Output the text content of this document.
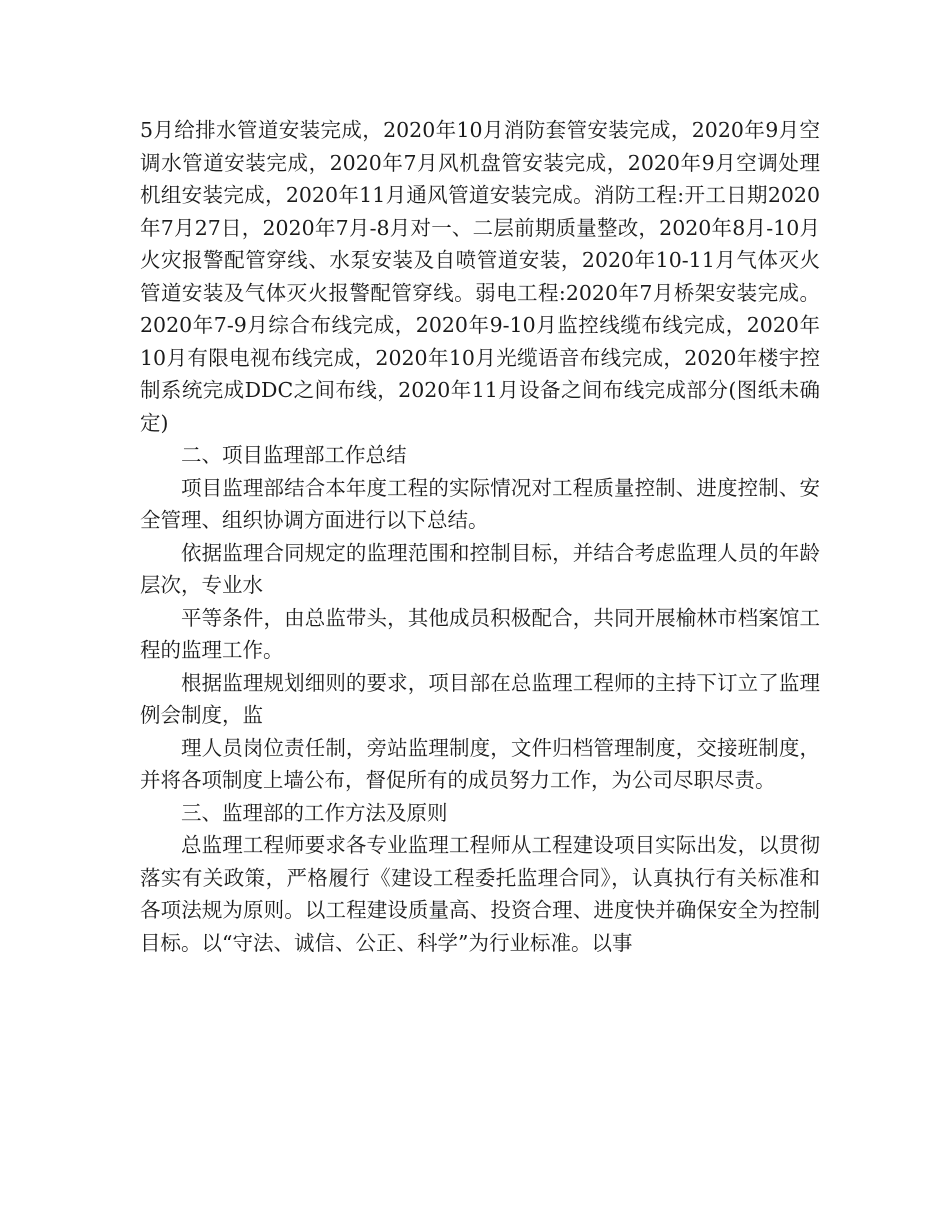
5月给排水管道安装完成，2020年10月消防套管安装完成，2020年9月空调水管道安装完成，2020年7月风机盘管安装完成，2020年9月空调处理机组安装完成，2020年11月通风管道安装完成。消防工程:开工日期2020年7月27日，2020年7月-8月对一、二层前期质量整改，2020年8月-10月火灾报警配管穿线、水泵安装及自喷管道安装，2020年10-11月气体灭火管道安装及气体灭火报警配管穿线。弱电工程:2020年7月桥架安装完成。2020年7-9月综合布线完成，2020年9-10月监控线缆布线完成，2020年10月有限电视布线完成，2020年10月光缆语音布线完成，2020年楼宇控制系统完成DDC之间布线，2020年11月设备之间布线完成部分(图纸未确定)

二、项目监理部工作总结

项目监理部结合本年度工程的实际情况对工程质量控制、进度控制、安全管理、组织协调方面进行以下总结。

依据监理合同规定的监理范围和控制目标，并结合考虑监理人员的年龄层次，专业水

平等条件，由总监带头，其他成员积极配合，共同开展榆林市档案馆工程的监理工作。

根据监理规划细则的要求，项目部在总监理工程师的主持下订立了监理例会制度，监

理人员岗位责任制，旁站监理制度，文件归档管理制度，交接班制度，并将各项制度上墙公布，督促所有的成员努力工作，为公司尽职尽责。

三、监理部的工作方法及原则

总监理工程师要求各专业监理工程师从工程建设项目实际出发，以贯彻落实有关政策，严格履行《建设工程委托监理合同》，认真执行有关标准和各项法规为原则。以工程建设质量高、投资合理、进度快并确保安全为控制目标。以“守法、诚信、公正、科学”为行业标准。以事
